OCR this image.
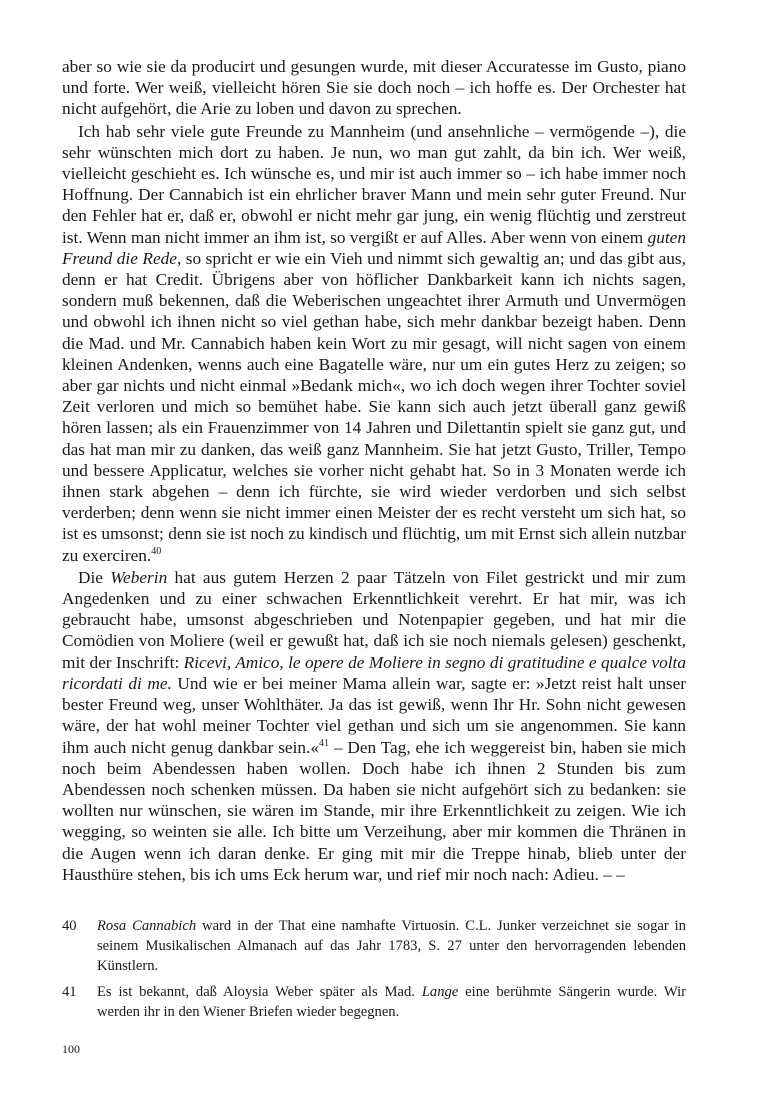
aber so wie sie da producirt und gesungen wurde, mit dieser Accuratesse im Gusto, piano und forte. Wer weiß, vielleicht hören Sie sie doch noch – ich hoffe es. Der Orchester hat nicht aufgehört, die Arie zu loben und davon zu sprechen.

Ich hab sehr viele gute Freunde zu Mannheim (und ansehnliche – vermögende –), die sehr wünschten mich dort zu haben. Je nun, wo man gut zahlt, da bin ich. Wer weiß, vielleicht geschieht es. Ich wünsche es, und mir ist auch immer so – ich habe immer noch Hoffnung. Der Cannabich ist ein ehrlicher braver Mann und mein sehr guter Freund. Nur den Fehler hat er, daß er, obwohl er nicht mehr gar jung, ein wenig flüchtig und zerstreut ist. Wenn man nicht immer an ihm ist, so vergißt er auf Alles. Aber wenn von einem guten Freund die Rede, so spricht er wie ein Vieh und nimmt sich gewaltig an; und das gibt aus, denn er hat Credit. Übrigens aber von höflicher Dankbarkeit kann ich nichts sagen, sondern muß bekennen, daß die Weberischen ungeachtet ihrer Armuth und Unvermögen und obwohl ich ihnen nicht so viel gethan habe, sich mehr dankbar bezeigt haben. Denn die Mad. und Mr. Cannabich haben kein Wort zu mir gesagt, will nicht sagen von einem kleinen Andenken, wenns auch eine Bagatelle wäre, nur um ein gutes Herz zu zeigen; so aber gar nichts und nicht einmal »Bedank mich«, wo ich doch wegen ihrer Tochter soviel Zeit verloren und mich so bemühet habe. Sie kann sich auch jetzt überall ganz gewiß hören lassen; als ein Frauenzimmer von 14 Jahren und Dilettantin spielt sie ganz gut, und das hat man mir zu danken, das weiß ganz Mannheim. Sie hat jetzt Gusto, Triller, Tempo und bessere Applicatur, welches sie vorher nicht gehabt hat. So in 3 Monaten werde ich ihnen stark abgehen – denn ich fürchte, sie wird wieder verdorben und sich selbst verderben; denn wenn sie nicht immer einen Meister der es recht versteht um sich hat, so ist es umsonst; denn sie ist noch zu kindisch und flüchtig, um mit Ernst sich allein nutzbar zu exerciren.$^{40}$

Die Weberin hat aus gutem Herzen 2 paar Tätzeln von Filet gestrickt und mir zum Angedenken und zu einer schwachen Erkenntlichkeit verehrt. Er hat mir, was ich gebraucht habe, umsonst abgeschrieben und Notenpapier gegeben, und hat mir die Comödien von Moliere (weil er gewußt hat, daß ich sie noch niemals gelesen) geschenkt, mit der Inschrift: Ricevi, Amico, le opere de Moliere in segno di gratitudine e qualce volta ricordati di me. Und wie er bei meiner Mama allein war, sagte er: »Jetzt reist halt unser bester Freund weg, unser Wohlthäter. Ja das ist gewiß, wenn Ihr Hr. Sohn nicht gewesen wäre, der hat wohl meiner Tochter viel gethan und sich um sie angenommen. Sie kann ihm auch nicht genug dankbar sein.«$^{41}$ – Den Tag, ehe ich weggereist bin, haben sie mich noch beim Abendessen haben wollen. Doch habe ich ihnen 2 Stunden bis zum Abendessen noch schenken müssen. Da haben sie nicht aufgehört sich zu bedanken: sie wollten nur wünschen, sie wären im Stande, mir ihre Erkenntlichkeit zu zeigen. Wie ich wegging, so weinten sie alle. Ich bitte um Verzeihung, aber mir kommen die Thränen in die Augen wenn ich daran denke. Er ging mit mir die Treppe hinab, blieb unter der Hausthüre stehen, bis ich ums Eck herum war, und rief mir noch nach: Adieu. – –

40	Rosa Cannabich ward in der That eine namhafte Virtuosin. C.L. Junker verzeichnet sie sogar in seinem Musikalischen Almanach auf das Jahr 1783, S. 27 unter den hervorragenden lebenden Künstlern.
41	Es ist bekannt, daß Aloysia Weber später als Mad. Lange eine berühmte Sängerin wurde. Wir werden ihr in den Wiener Briefen wieder begegnen.
100
